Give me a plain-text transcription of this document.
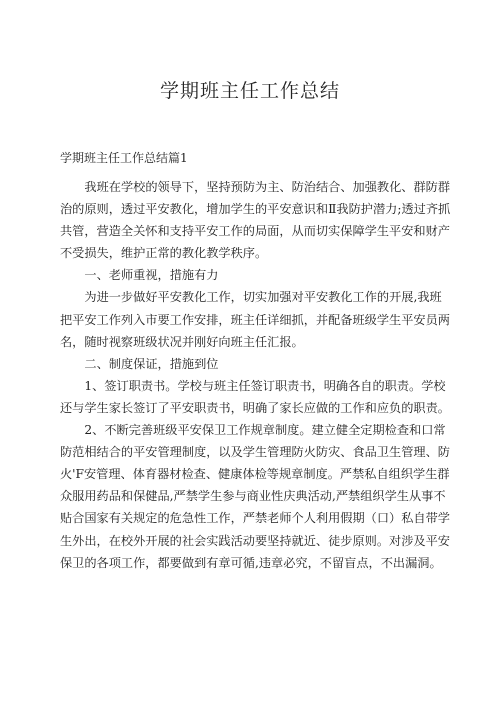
学期班主任工作总结
学期班主任工作总结篇1

我班在学校的领导下，坚持预防为主、防治结合、加强教化、群防群
治的原则，透过平安教化，增加学生的平安意识和Ⅱ我防护潜力;透过齐抓
共管，营造全关怀和支持平安工作的局面，从而切实保障学生平安和财产
不受损失，维护正常的教化教学秩序。

一、老师重视，措施有力

为进一步做好平安教化工作，切实加强对平安教化工作的开展,我班
把平安工作列入市要工作安排，班主任详细抓，并配备班级学生平安员两
名，随时视察班级状况并刚好向班主任汇报。

二、制度保证，措施到位

1、签订职责书。学校与班主任签订职责书，明确各自的职责。学校
还与学生家长签订了平安职责书，明确了家长应做的工作和应负的职责。

2、不断完善班级平安保卫工作规章制度。建立健全定期检查和口常
防范相结合的平安管理制度，以及学生管理防火防灾、食品卫生管理、防
火'F安管理、体育器材检查、健康体检等规章制度。严禁私自组织学生群
众服用药品和保健品,严禁学生参与商业性庆典活动,严禁组织学生从事不
贴合国家有关规定的危急性工作，严禁老师个人利用假期（口）私自带学
生外出，在校外开展的社会实践活动要坚持就近、徒步原则。对涉及平安
保卫的各项工作，都要做到有章可循,违章必究，不留盲点，不出漏洞。
